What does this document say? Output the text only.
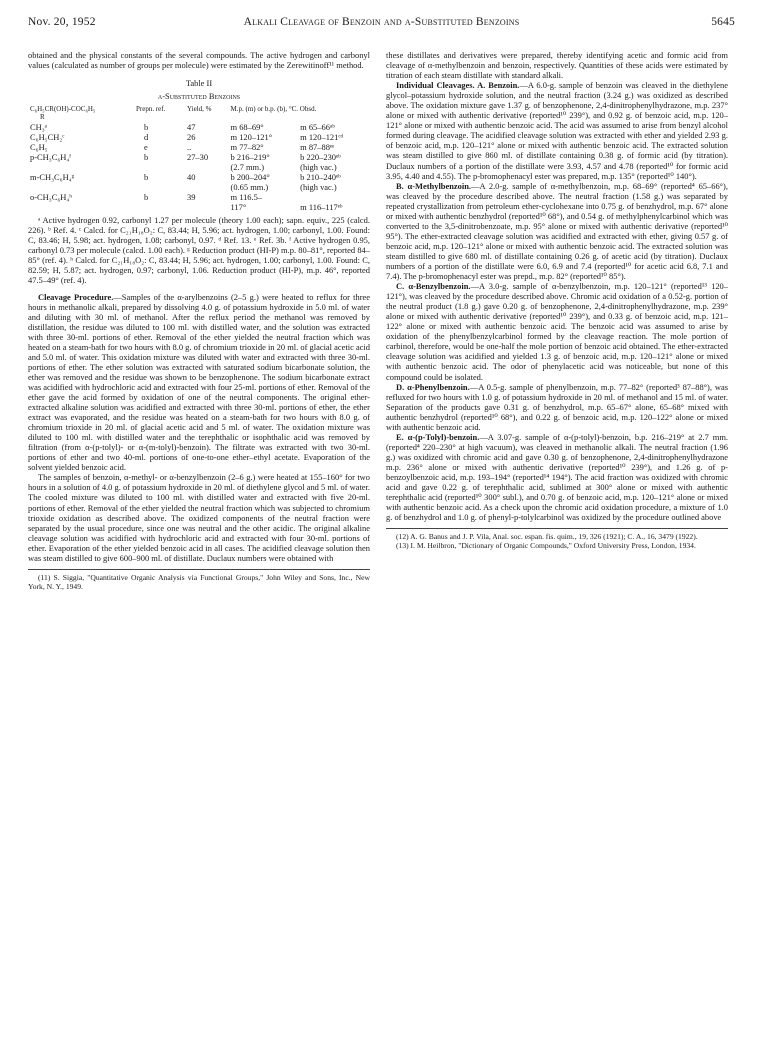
Nov. 20, 1952	Alkali Cleavage of Benzoin and α-Substituted Benzoins	5645

obtained and the physical constants of the several compounds. The active hydrogen and carbonyl values (calculated as number of groups per molecule) were estimated by the Zerewitinoff¹¹ method.

Table II
α-Substituted Benzoins
C₆H₅CR(OH)-COC₆H₅
R	Prepn. ref.	Yield, %	M.p. (m) or b.p. (b), °C. Obsd.	
CH₃ᵃ	b	47	m 68–69°	m 65–66ᵃᵇ
C₆H₅CH₂ᶜ	d	26	m 120–121°	m 120–121ᶜᵈ
C₆H₅	e	..	m 77–82°	m 87–88ᵉᵉ
p-CH₃C₆H₄ᶠ	b	27–30	b 216–219°	b 220–230ᵉᵇ
			(2.7 mm.)	(high vac.)
m-CH₃C₆H₄ᵍ	b	40	b 200–204°	b 210–240ᵉᵇ
			(0.65 mm.)	(high vac.)
o-CH₃C₆H₄ʰ	b	39	m 116.5–	
			117°	m 116–117ᵉᵇ

ᵃ Active hydrogen 0.92, carbonyl 1.27 per molecule (theory 1.00 each); sapn. equiv., 225 (calcd. 226). ᵇ Ref. 4. ᶜ Calcd. for C₂₁H₁₈O₂: C, 83.44; H, 5.96; act. hydrogen, 1.00; carbonyl, 1.00. Found: C, 83.46; H, 5.98; act. hydrogen, 1.08; carbonyl, 0.97. ᵈ Ref. 13. ᵉ Ref. 3b. ᶠ Active hydrogen 0.95, carbonyl 0.73 per molecule (calcd. 1.00 each). ᵍ Reduction product (HI-P) m.p. 80–81°, reported 84–85° (ref. 4). ʰ Calcd. for C₂₁H₁₈O₂: C, 83.44; H, 5.96; act. hydrogen, 1.00; carbonyl, 1.00. Found: C, 82.59; H, 5.87; act. hydrogen, 0.97; carbonyl, 1.06. Reduction product (HI-P), m.p. 46°, reported 47.5–49° (ref. 4).

Cleavage Procedure.—Samples of the α-arylbenzoins (2–5 g.) were heated to reflux for three hours in methanolic alkali, prepared by dissolving 4.0 g. of potassium hydroxide in 5.0 ml. of water and diluting with 30 ml. of methanol. After the reflux period the methanol was removed by distillation, the residue was diluted to 100 ml. with distilled water, and the solution was extracted with three 30-ml. portions of ether. Removal of the ether yielded the neutral fraction which was heated on a steam-bath for two hours with 8.0 g. of chromium trioxide in 20 ml. of glacial acetic acid and 5.0 ml. of water. This oxidation mixture was diluted with water and extracted with three 30-ml. portions of ether. The ether solution was extracted with saturated sodium bicarbonate solution, the ether was removed and the residue was shown to be benzophenone. The sodium bicarbonate extract was acidified with hydrochloric acid and extracted with four 25-ml. portions of ether. Removal of the ether gave the acid formed by oxidation of one of the neutral components. The original ether-extracted alkaline solution was acidified and extracted with three 30-ml. portions of ether, the ether extract was evaporated, and the residue was heated on a steam-bath for two hours with 8.0 g. of chromium trioxide in 20 ml. of glacial acetic acid and 5 ml. of water. The oxidation mixture was diluted to 100 ml. with distilled water and the terephthalic or isophthalic acid was removed by filtration (from α-(p-tolyl)- or α-(m-tolyl)-benzoin). The filtrate was extracted with two 30-ml. portions of ether and two 40-ml. portions of one-to-one ether–ethyl acetate. Evaporation of the solvent yielded benzoic acid.

The samples of benzoin, α-methyl- or α-benzylbenzoin (2–6 g.) were heated at 155–160° for two hours in a solution of 4.0 g. of potassium hydroxide in 20 ml. of diethylene glycol and 5 ml. of water. The cooled mixture was diluted to 100 ml. with distilled water and extracted with five 20-ml. portions of ether. Removal of the ether yielded the neutral fraction which was subjected to chromium trioxide oxidation as described above. The oxidized components of the neutral fraction were separated by the usual procedure, since one was neutral and the other acidic. The original alkaline cleavage solution was acidified with hydrochloric acid and extracted with four 30-ml. portions of ether. Evaporation of the ether yielded benzoic acid in all cases. The acidified cleavage solution then was steam distilled to give 600–900 ml. of distillate. Duclaux numbers were obtained with

(11) S. Siggia, "Quantitative Organic Analysis via Functional Groups," John Wiley and Sons, Inc., New York, N. Y., 1949.

these distillates and derivatives were prepared, thereby identifying acetic and formic acid from cleavage of α-methylbenzoin and benzoin, respectively. Quantities of these acids were estimated by titration of each steam distillate with standard alkali.

Individual Cleavages. A. Benzoin.—A 6.0-g. sample of benzoin was cleaved in the diethylene glycol–potassium hydroxide solution, and the neutral fraction (3.24 g.) was oxidized as described above. The oxidation mixture gave 1.37 g. of benzophenone, 2,4-dinitrophenylhydrazone, m.p. 237° alone or mixed with authentic derivative (reported¹⁰ 239°), and 0.92 g. of benzoic acid, m.p. 120–121° alone or mixed with authentic benzoic acid. The acid was assumed to arise from benzyl alcohol formed during cleavage. The acidified cleavage solution was extracted with ether and yielded 2.93 g. of benzoic acid, m.p. 120–121° alone or mixed with authentic benzoic acid. The extracted solution was steam distilled to give 860 ml. of distillate containing 0.38 g. of formic acid (by titration). Duclaux numbers of a portion of the distillate were 3.93, 4.57 and 4.78 (reported¹⁰ for formic acid 3.95, 4.40 and 4.55). The p-bromophenacyl ester was prepared, m.p. 135° (reported¹⁰ 140°).

B. α-Methylbenzoin.—A 2.0-g. sample of α-methylbenzoin, m.p. 68–69° (reported⁴ 65–66°), was cleaved by the procedure described above. The neutral fraction (1.58 g.) was separated by repeated crystallization from petroleum ether-cyclohexane into 0.75 g. of benzhydrol, m.p. 67° alone or mixed with authentic benzhydrol (reported¹⁰ 68°), and 0.54 g. of methylphenylcarbinol which was converted to the 3,5-dinitrobenzoate, m.p. 95° alone or mixed with authentic derivative (reported¹⁰ 95°). The ether-extracted cleavage solution was acidified and extracted with ether, giving 0.57 g. of benzoic acid, m.p. 120–121° alone or mixed with authentic benzoic acid. The extracted solution was steam distilled to give 680 ml. of distillate containing 0.26 g. of acetic acid (by titration). Duclaux numbers of a portion of the distillate were 6.0, 6.9 and 7.4 (reported¹⁰ for acetic acid 6.8, 7.1 and 7.4). The p-bromophenacyl ester was prepd., m.p. 82° (reported¹⁰ 85°).

C. α-Benzylbenzoin.—A 3.0-g. sample of α-benzylbenzoin, m.p. 120–121° (reported¹³ 120–121°), was cleaved by the procedure described above. Chromic acid oxidation of a 0.52-g. portion of the neutral product (1.8 g.) gave 0.20 g. of benzophenone, 2,4-dinitrophenylhydrazone, m.p. 239° alone or mixed with authentic derivative (reported¹⁰ 239°), and 0.33 g. of benzoic acid, m.p. 121–122° alone or mixed with authentic benzoic acid. The benzoic acid was assumed to arise by oxidation of the phenylbenzylcarbinol formed by the cleavage reaction. The mole portion of carbinol, therefore, would be one-half the mole portion of benzoic acid obtained. The ether-extracted cleavage solution was acidified and yielded 1.3 g. of benzoic acid, m.p. 120–121° alone or mixed with authentic benzoic acid. The odor of phenylacetic acid was noticeable, but none of this compound could be isolated.

D. α-Phenylbenzoin.—A 0.5-g. sample of phenylbenzoin, m.p. 77–82° (reported³ 87–88°), was refluxed for two hours with 1.0 g. of potassium hydroxide in 20 ml. of methanol and 15 ml. of water. Separation of the products gave 0.31 g. of benzhydrol, m.p. 65–67° alone, 65–68° mixed with authentic benzhydrol (reported¹⁰ 68°), and 0.22 g. of benzoic acid, m.p. 120–122° alone or mixed with authentic benzoic acid.

E. α-(p-Tolyl)-benzoin.—A 3.07-g. sample of α-(p-tolyl)-benzoin, b.p. 216–219° at 2.7 mm. (reported⁴ 220–230° at high vacuum), was cleaved in methanolic alkali. The neutral fraction (1.96 g.) was oxidized with chromic acid and gave 0.30 g. of benzophenone, 2,4-dinitrophenylhydrazone m.p. 236° alone or mixed with authentic derivative (reported¹⁰ 239°), and 1.26 g. of p-benzoylbenzoic acid, m.p. 193–194° (reported¹⁴ 194°). The acid fraction was oxidized with chromic acid and gave 0.22 g. of terephthalic acid, sublimed at 300° alone or mixed with authentic terephthalic acid (reported¹⁰ 300° subl.), and 0.70 g. of benzoic acid, m.p. 120–121° alone or mixed with authentic benzoic acid. As a check upon the chromic acid oxidation procedure, a mixture of 1.0 g. of benzhydrol and 1.0 g. of phenyl-p-tolylcarbinol was oxidized by the procedure outlined above

(12) A. G. Banus and J. P. Vila, Anal. soc. espan. fis. quim., 19, 326 (1921); C. A., 16, 3479 (1922).

(13) I. M. Heilbron, "Dictionary of Organic Compounds," Oxford University Press, London, 1934.
